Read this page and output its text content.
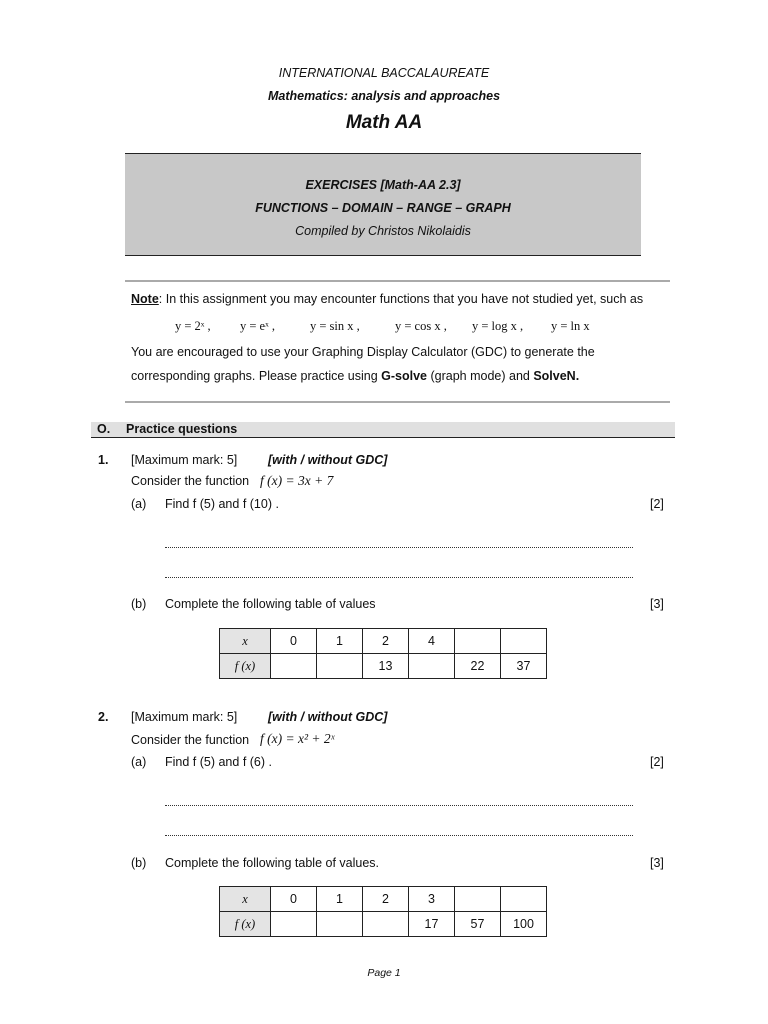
INTERNATIONAL BACCALAUREATE
Mathematics: analysis and approaches
Math AA
EXERCISES [Math-AA 2.3]
FUNCTIONS – DOMAIN – RANGE – GRAPH
Compiled by Christos Nikolaidis
Note: In this assignment you may encounter functions that you have not studied yet, such as
y = 2ˣ , y = eˣ ,	y = sin x ,	y = cos x , y = log x , y = ln x
You are encouraged to use your Graphing Display Calculator (GDC) to generate the
corresponding graphs. Please practice using G-solve (graph mode) and SolveN.
O. Practice questions
1. [Maximum mark: 5] [with / without GDC]
Consider the function f (x) = 3x + 7
(a) Find f (5) and f (10) .	[2]
(b) Complete the following table of values	[3]
x	0	1	2	4		
f (x)			13		22	37
2. [Maximum mark: 5] [with / without GDC]
Consider the function f (x) = x² + 2ˣ
(a) Find f (5) and f (6) .	[2]
(b) Complete the following table of values.	[3]
x	0	1	2	3		
f (x)				17	57	100
Page 1
